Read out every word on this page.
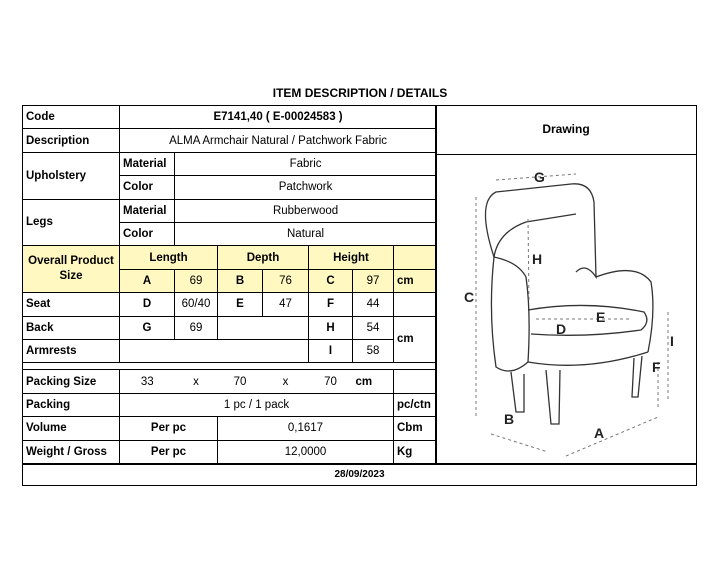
ITEM DESCRIPTION / DETAILS
Code	E7141,40 ( E-00024583 )						
Description	ALMA Armchair Natural / Patchwork Fabric						
Upholstery	Material	Fabric					
	Color	Patchwork					
Legs	Material	Rubberwood					
	Color	Natural					
Overall Product Size	Length		Depth		Height		
	A	69	B	76	C	97	cm
Seat	D	60/40	E	47	F	44	
Back	G	69			H	54	cm
Armrests					I	58	

Packing Size	33	x	70	x	70	cm	
Packing	1 pc / 1 pack						pc/ctn
Volume	Per pc		0,1617				Cbm
Weight / Gross	Per pc		12,0000				Kg
Drawing
G
H
C
E
D
I
F
B
A
28/09/2023
